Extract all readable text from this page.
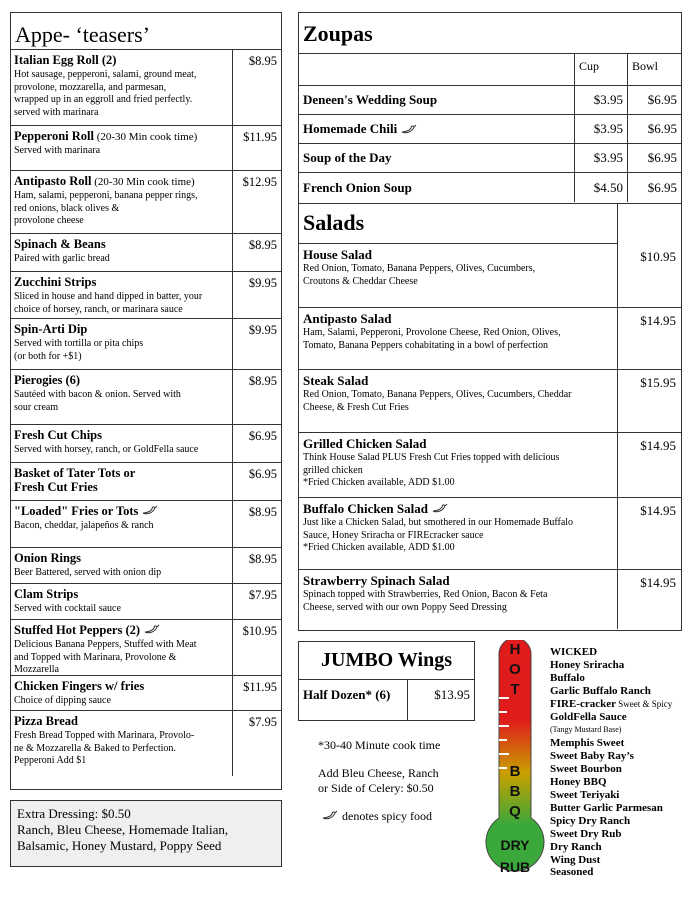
Appe- ‘teasers’
Italian Egg Roll (2)
Hot sausage, pepperoni, salami, ground meat,
provolone, mozzarella, and parmesan,
wrapped up in an eggroll and fried perfectly.
served with marinara
$8.95
Pepperoni Roll (20-30 Min cook time)
Served with marinara
$11.95
Antipasto Roll (20-30 Min cook time)
Ham, salami, pepperoni, banana pepper rings,
red onions, black olives &
provolone cheese
$12.95
Spinach & Beans
Paired with garlic bread
$8.95
Zucchini Strips
Sliced in house and hand dipped in batter, your
choice of horsey, ranch, or marinara sauce
$9.95
Spin-Arti Dip
Served with tortilla or pita chips
(or both for +$1)
$9.95
Pierogies (6)
Sautéed with bacon & onion. Served with
sour cream
$8.95
Fresh Cut Chips
Served with horsey, ranch, or GoldFella sauce
$6.95
Basket of Tater Tots or
Fresh Cut Fries
$6.95
"Loaded" Fries or Tots
Bacon, cheddar, jalapeños & ranch
$8.95
Onion Rings
Beer Battered, served with onion dip
$8.95
Clam Strips
Served with cocktail sauce
$7.95
Stuffed Hot Peppers (2)
Delicious Banana Peppers, Stuffed with Meat
and Topped with Marinara, Provolone &
Mozzarella
$10.95
Chicken Fingers w/ fries
Choice of dipping sauce
$11.95
Pizza Bread
Fresh Bread Topped with Marinara, Provolo-
ne & Mozzarella & Baked to Perfection.
Pepperoni Add $1
$7.95
Extra Dressing: $0.50
Ranch, Bleu Cheese, Homemade Italian,
Balsamic, Honey Mustard, Poppy Seed
Zoupas
Cup	Bowl
Deneen's Wedding Soup	$3.95	$6.95
Homemade Chili	$3.95	$6.95
Soup of the Day	$3.95	$6.95
French Onion Soup	$4.50	$6.95
Salads
House Salad
Red Onion, Tomato, Banana Peppers, Olives, Cucumbers,
Croutons & Cheddar Cheese
$10.95
Antipasto Salad
Ham, Salami, Pepperoni, Provolone Cheese, Red Onion, Olives,
Tomato, Banana Peppers cohabitating in a bowl of perfection
$14.95
Steak Salad
Red Onion, Tomato, Banana Peppers, Olives, Cucumbers, Cheddar
Cheese, & Fresh Cut Fries
$15.95
Grilled Chicken Salad
Think House Salad PLUS Fresh Cut Fries topped with delicious
grilled chicken
*Fried Chicken available, ADD $1.00
$14.95
Buffalo Chicken Salad
Just like a Chicken Salad, but smothered in our Homemade Buffalo
Sauce, Honey Sriracha or FIREcracker sauce
*Fried Chicken available, ADD $1.00
$14.95
Strawberry Spinach Salad
Spinach topped with Strawberries, Red Onion, Bacon & Feta
Cheese, served with our own Poppy Seed Dressing
$14.95
JUMBO Wings
Half Dozen* (6)	$13.95
*30-40 Minute cook time
Add Bleu Cheese, Ranch
or Side of Celery: $0.50
denotes spicy food
H
O
T
B
B
Q
DRY
RUB
WICKED
Honey Sriracha
Buffalo
Garlic Buffalo Ranch
FIRE-cracker Sweet & Spicy
GoldFella Sauce
(Tangy Mustard Base)
Memphis Sweet
Sweet Baby Ray’s
Sweet Bourbon
Honey BBQ
Sweet Teriyaki
Butter Garlic Parmesan
Spicy Dry Ranch
Sweet Dry Rub
Dry Ranch
Wing Dust
Seasoned
